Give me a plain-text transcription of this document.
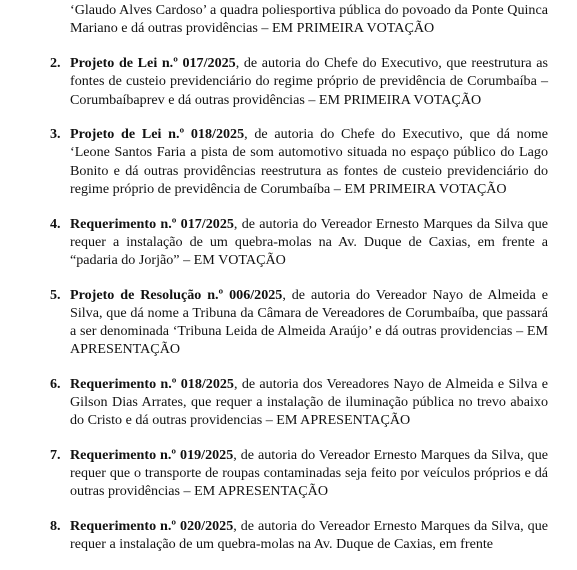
‘Glaudo Alves Cardoso’ a quadra poliesportiva pública do povoado da Ponte Quinca Mariano e dá outras providências – EM PRIMEIRA VOTAÇÃO
2. Projeto de Lei n.º 017/2025, de autoria do Chefe do Executivo, que reestrutura as fontes de custeio previdenciário do regime próprio de previdência de Corumbaíba – Corumbaíbaprev e dá outras providências – EM PRIMEIRA VOTAÇÃO
3. Projeto de Lei n.º 018/2025, de autoria do Chefe do Executivo, que dá nome ‘Leone Santos Faria a pista de som automotivo situada no espaço público do Lago Bonito e dá outras providências reestrutura as fontes de custeio previdenciário do regime próprio de previdência de Corumbaíba – EM PRIMEIRA VOTAÇÃO
4. Requerimento n.º 017/2025, de autoria do Vereador Ernesto Marques da Silva que requer a instalação de um quebra-molas na Av. Duque de Caxias, em frente a “padaria do Jorjão” – EM VOTAÇÃO
5. Projeto de Resolução n.º 006/2025, de autoria do Vereador Nayo de Almeida e Silva, que dá nome a Tribuna da Câmara de Vereadores de Corumbaíba, que passará a ser denominada ‘Tribuna Leida de Almeida Araújo’ e dá outras providencias – EM APRESENTAÇÃO
6. Requerimento n.º 018/2025, de autoria dos Vereadores Nayo de Almeida e Silva e Gilson Dias Arrates, que requer a instalação de iluminação pública no trevo abaixo do Cristo e dá outras providencias – EM APRESENTAÇÃO
7. Requerimento n.º 019/2025, de autoria do Vereador Ernesto Marques da Silva, que requer que o transporte de roupas contaminadas seja feito por veículos próprios e dá outras providências – EM APRESENTAÇÃO
8. Requerimento n.º 020/2025, de autoria do Vereador Ernesto Marques da Silva, que requer a instalação de um quebra-molas na Av. Duque de Caxias, em frente
